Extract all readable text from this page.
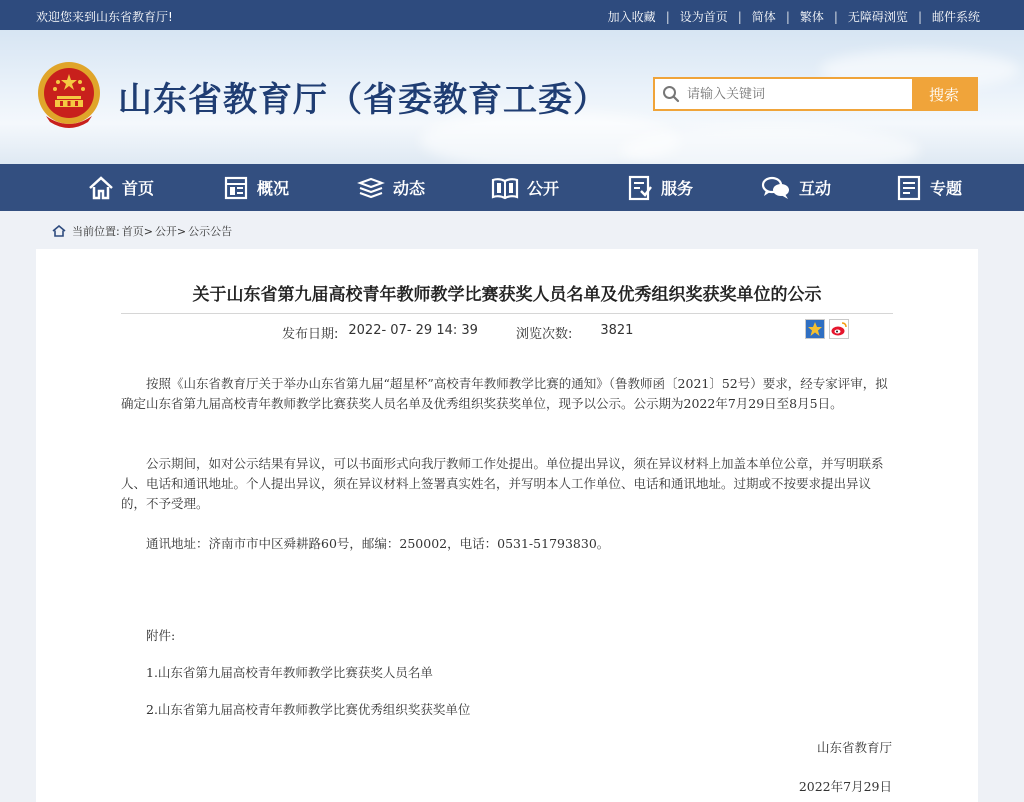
欢迎您来到山东省教育厅!	加入收藏 | 设为首页 | 简体 | 繁体 | 无障碍浏览 | 邮件系统
山东省教育厅（省委教育工委）
请输入关键词	搜索
首页	概况	动态	公开	服务	互动	专题
当前位置: 首页> 公开> 公示公告
关于山东省第九届高校青年教师教学比赛获奖人员名单及优秀组织奖获奖单位的公示
发布日期: 2022- 07- 29 14: 39	浏览次数: 3821

按照《山东省教育厅关于举办山东省第九届“超星杯”高校青年教师教学比赛的通知》（鲁教师函〔2021〕52号）要求，经专家评审，拟确定山东省第九届高校青年教师教学比赛获奖人员名单及优秀组织奖获奖单位，现予以公示。公示期为2022年7月29日至8月5日。

公示期间，如对公示结果有异议，可以书面形式向我厅教师工作处提出。单位提出异议，须在异议材料上加盖本单位公章，并写明联系人、电话和通讯地址。个人提出异议，须在异议材料上签署真实姓名，并写明本人工作单位、电话和通讯地址。过期或不按要求提出异议的，不予受理。

通讯地址：济南市市中区舜耕路60号，邮编：250002，电话：0531-51793830。

附件:

1.山东省第九届高校青年教师教学比赛获奖人员名单

2.山东省第九届高校青年教师教学比赛优秀组织奖获奖单位

山东省教育厅
2022年7月29日
